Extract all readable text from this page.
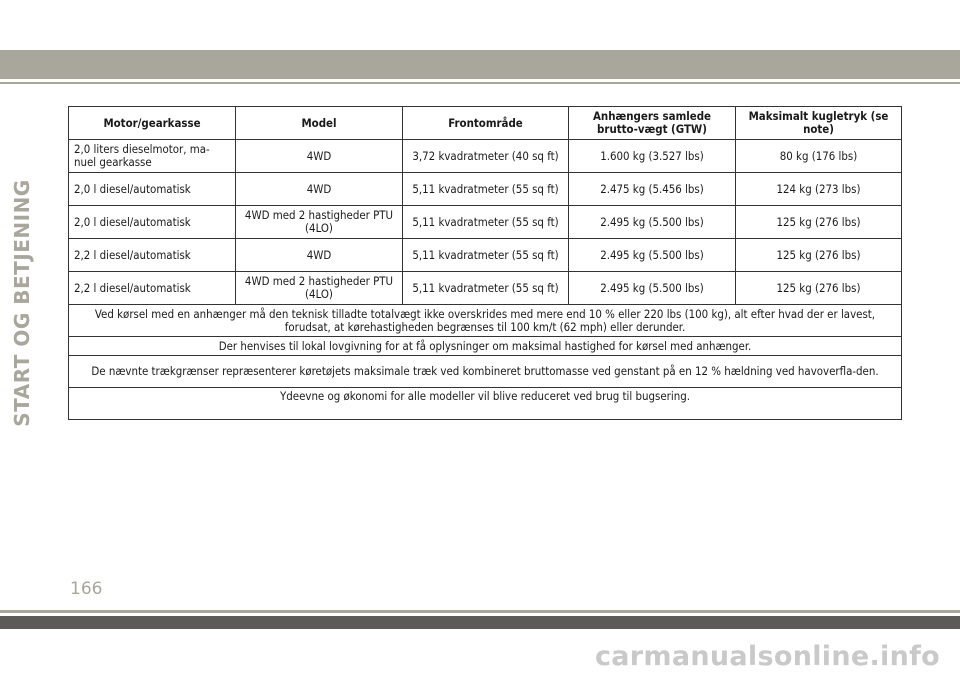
START OG BETJENING
Motor/gearkasse	Model	Frontområde	Anhængers samlede brutto-vægt (GTW)	Maksimalt kugletryk (se note)
2,0 liters dieselmotor, ma-nuel gearkasse	4WD	3,72 kvadratmeter (40 sq ft)	1.600 kg (3.527 lbs)	80 kg (176 lbs)
2,0 l diesel/automatisk	4WD	5,11 kvadratmeter (55 sq ft)	2.475 kg (5.456 lbs)	124 kg (273 lbs)
2,0 l diesel/automatisk	4WD med 2 hastigheder PTU (4LO)	5,11 kvadratmeter (55 sq ft)	2.495 kg (5.500 lbs)	125 kg (276 lbs)
2,2 l diesel/automatisk	4WD	5,11 kvadratmeter (55 sq ft)	2.495 kg (5.500 lbs)	125 kg (276 lbs)
2,2 l diesel/automatisk	4WD med 2 hastigheder PTU (4LO)	5,11 kvadratmeter (55 sq ft)	2.495 kg (5.500 lbs)	125 kg (276 lbs)
Ved kørsel med en anhænger må den teknisk tilladte totalvægt ikke overskrides med mere end 10 % eller 220 lbs (100 kg), alt efter hvad der er lavest, forudsat, at kørehastigheden begrænses til 100 km/t (62 mph) eller derunder.				
Der henvises til lokal lovgivning for at få oplysninger om maksimal hastighed for kørsel med anhænger.				
De nævnte trækgrænser repræsenterer køretøjets maksimale træk ved kombineret bruttomasse ved genstant på en 12 % hældning ved havoverfla-den.				
Ydeevne og økonomi for alle modeller vil blive reduceret ved brug til bugsering.				
166
carmanualsonline.info
